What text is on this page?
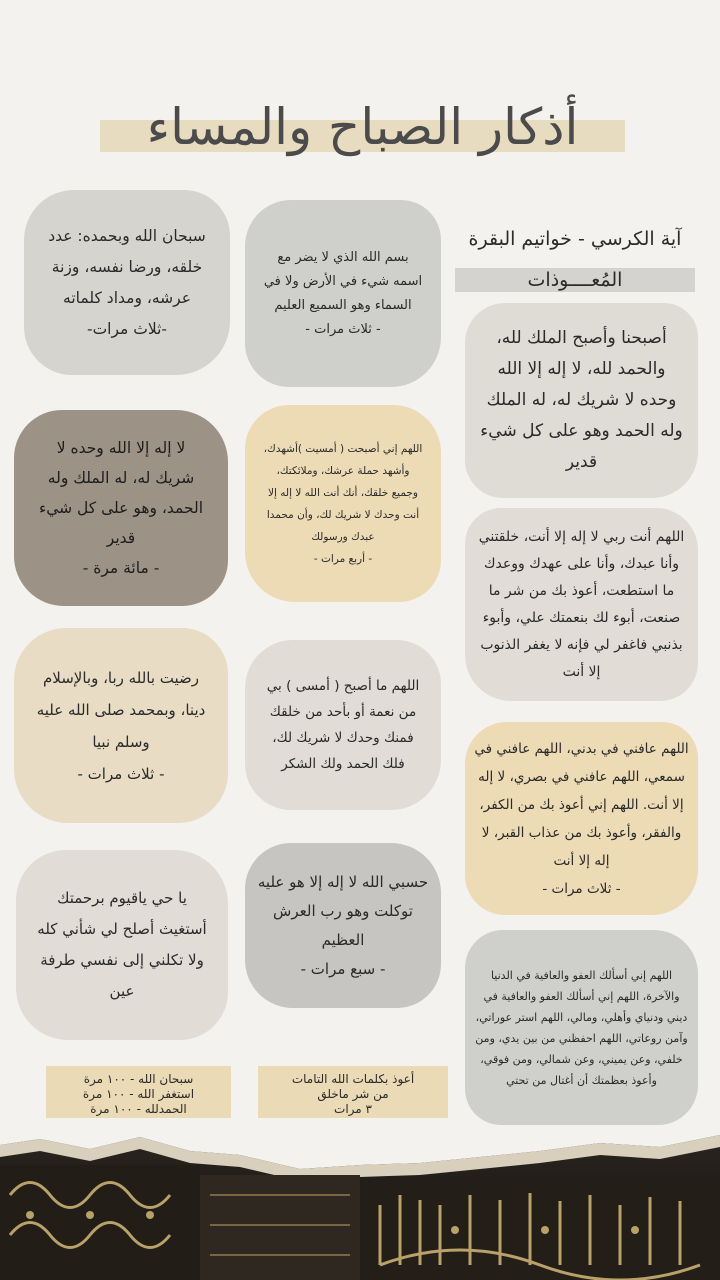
أذكار الصباح والمساء
آية الكرسي - خواتيم البقرة
المُعــــوذات
أصبحنا وأصبح الملك لله،
والحمد لله، لا إله إلا الله
وحده لا شريك له، له الملك
وله الحمد وهو على كل شيء
قدير
اللهم أنت ربي لا إله إلا أنت، خلقتني
وأنا عبدك، وأنا على عهدك ووعدك
ما استطعت، أعوذ بك من شر ما
صنعت، أبوء لك بنعمتك علي، وأبوء
بذنبي فاغفر لي فإنه لا يغفر الذنوب
إلا أنت
اللهم عافني في بدني، اللهم عافني في
سمعي، اللهم عافني في بصري، لا إله
إلا أنت. اللهم إني أعوذ بك من الكفر،
والفقر، وأعوذ بك من عذاب القبر، لا
إله إلا أنت
- ثلاث مرات -
اللهم إني أسألك العفو والعافية في الدنيا
والآخرة، اللهم إني أسألك العفو والعافية في
ديني ودنياي وأهلي، ومالي، اللهم استر عوراتي،
وآمن روعاتي، اللهم احفظني من بين يدي، ومن
خلفي، وعن يميني، وعن شمالي، ومن فوقي،
وأعوذ بعظمتك أن أغتال من تحتي
بسم الله الذي لا يضر مع
اسمه شيء في الأرض ولا في
السماء وهو السميع العليم
- ثلاث مرات -
اللهم إني أصبحت ( أمسيت )أشهدك،
وأشهد حملة عرشك، وملائكتك،
وجميع خلقك، أنك أنت الله لا إله إلا
أنت وحدك لا شريك لك، وأن محمدا
عبدك ورسولك
- أربع مرات -
اللهم ما أصبح ( أمسى ) بي
من نعمة أو بأحد من خلقك
فمنك وحدك لا شريك لك،
فلك الحمد ولك الشكر
حسبي الله لا إله إلا هو عليه
توكلت وهو رب العرش
العظيم
- سبع مرات -
سبحان الله وبحمده: عدد
خلقه، ورضا نفسه، وزنة
عرشه، ومداد كلماته
-ثلاث مرات-
لا إله إلا الله وحده لا
شريك له، له الملك وله
الحمد، وهو على كل شيء
قدير
- مائة مرة -
رضيت بالله ربا، وبالإسلام
دينا، وبمحمد صلى الله عليه
وسلم نبيا
- ثلاث مرات -
يا حي ياقيوم برحمتك
أستغيث أصلح لي شأني كله
ولا تكلني إلى نفسي طرفة
عين
أعوذ بكلمات الله التامات
من شر ماخلق
٣ مرات
سبحان الله - ١٠٠ مرة
استغفر الله - ١٠٠ مرة
الحمدلله - ١٠٠ مرة
